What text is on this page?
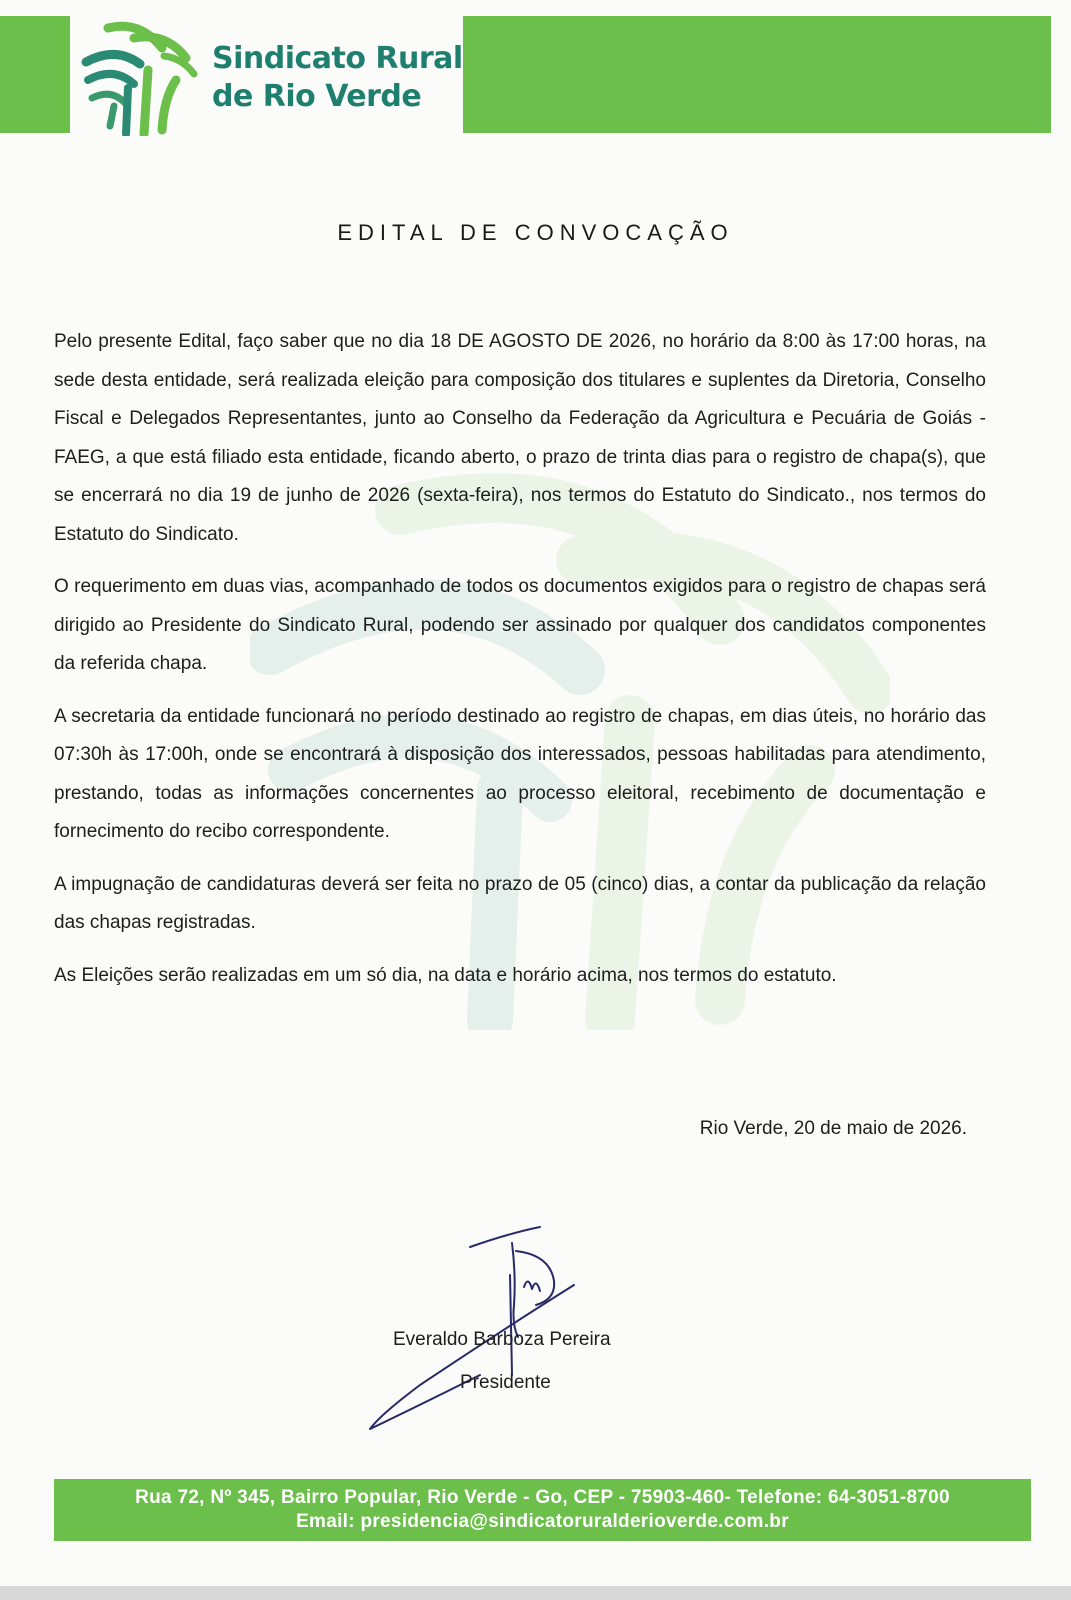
Sindicato Rural
de Rio Verde
EDITAL DE CONVOCAÇÃO

Pelo presente Edital, faço saber que no dia 18 DE AGOSTO DE 2026, no horário da 8:00 às 17:00 horas, na sede desta entidade, será realizada eleição para composição dos titulares e suplentes da Diretoria, Conselho Fiscal e Delegados Representantes, junto ao Conselho da Federação da Agricultura e Pecuária de Goiás - FAEG, a que está filiado esta entidade, ficando aberto, o prazo de trinta dias para o registro de chapa(s), que se encerrará no dia 19 de junho de 2026 (sexta-feira), nos termos do Estatuto do Sindicato., nos termos do Estatuto do Sindicato.

O requerimento em duas vias, acompanhado de todos os documentos exigidos para o registro de chapas será dirigido ao Presidente do Sindicato Rural, podendo ser assinado por qualquer dos candidatos componentes da referida chapa.

A secretaria da entidade funcionará no período destinado ao registro de chapas, em dias úteis, no horário das 07:30h às 17:00h, onde se encontrará à disposição dos interessados, pessoas habilitadas para atendimento, prestando, todas as informações concernentes ao processo eleitoral, recebimento de documentação e fornecimento do recibo correspondente.

A impugnação de candidaturas deverá ser feita no prazo de 05 (cinco) dias, a contar da publicação da relação das chapas registradas.

As Eleições serão realizadas em um só dia, na data e horário acima, nos termos do estatuto.

Rio Verde, 20 de maio de 2026.
Everaldo Barboza Pereira
Presidente
Rua 72, Nº 345, Bairro Popular, Rio Verde - Go, CEP - 75903-460- Telefone: 64-3051-8700
Email: presidencia@sindicatoruralderioverde.com.br
